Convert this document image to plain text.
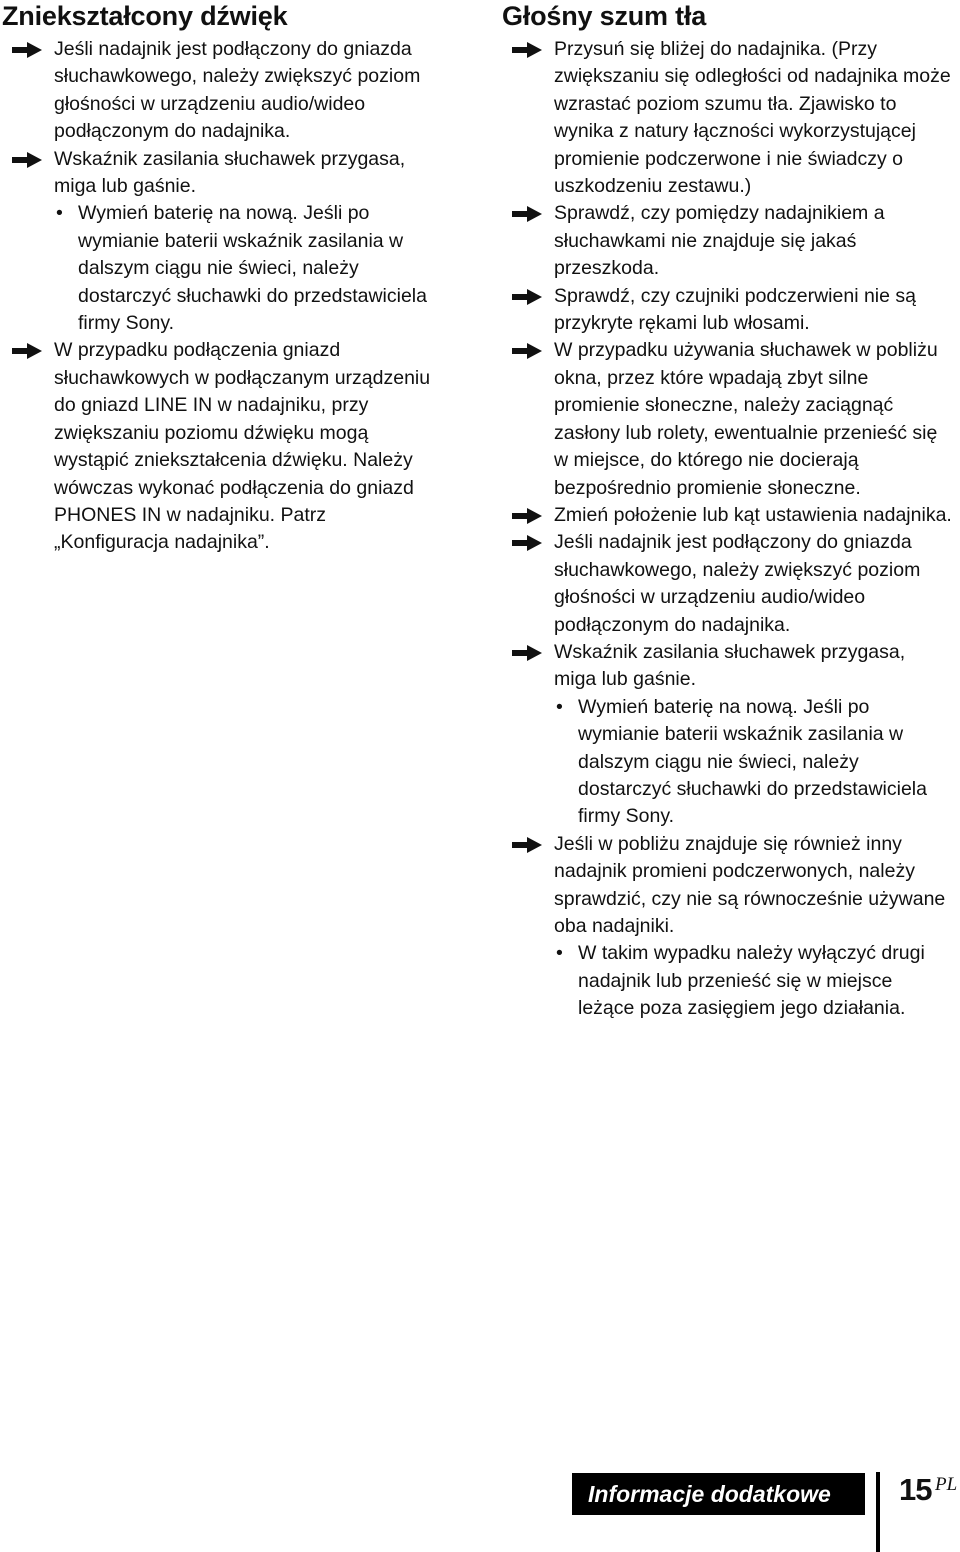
Zniekształcony dźwięk
Jeśli nadajnik jest podłączony do gniazda słuchawkowego, należy zwiększyć poziom głośności w urządzeniu audio/wideo podłączonym do nadajnika.
Wskaźnik zasilania słuchawek przygasa, miga lub gaśnie.
• Wymień baterię na nową. Jeśli po wymianie baterii wskaźnik zasilania w dalszym ciągu nie świeci, należy dostarczyć słuchawki do przedstawiciela firmy Sony.
W przypadku podłączenia gniazd słuchawkowych w podłączanym urządzeniu do gniazd LINE IN w nadajniku, przy zwiększaniu poziomu dźwięku mogą wystąpić zniekształcenia dźwięku. Należy wówczas wykonać podłączenia do gniazd PHONES IN w nadajniku. Patrz „Konfiguracja nadajnika”.
Głośny szum tła
Przysuń się bliżej do nadajnika. (Przy zwiększaniu się odległości od nadajnika może wzrastać poziom szumu tła. Zjawisko to wynika z natury łączności wykorzystującej promienie podczerwone i nie świadczy o uszkodzeniu zestawu.)
Sprawdź, czy pomiędzy nadajnikiem a słuchawkami nie znajduje się jakaś przeszkoda.
Sprawdź, czy czujniki podczerwieni nie są przykryte rękami lub włosami.
W przypadku używania słuchawek w pobliżu okna, przez które wpadają zbyt silne promienie słoneczne, należy zaciągnąć zasłony lub rolety, ewentualnie przenieść się w miejsce, do którego nie docierają bezpośrednio promienie słoneczne.
Zmień położenie lub kąt ustawienia nadajnika.
Jeśli nadajnik jest podłączony do gniazda słuchawkowego, należy zwiększyć poziom głośności w urządzeniu audio/wideo podłączonym do nadajnika.
Wskaźnik zasilania słuchawek przygasa, miga lub gaśnie.
• Wymień baterię na nową. Jeśli po wymianie baterii wskaźnik zasilania w dalszym ciągu nie świeci, należy dostarczyć słuchawki do przedstawiciela firmy Sony.
Jeśli w pobliżu znajduje się również inny nadajnik promieni podczerwonych, należy sprawdzić, czy nie są równocześnie używane oba nadajniki.
• W takim wypadku należy wyłączyć drugi nadajnik lub przenieść się w miejsce leżące poza zasięgiem jego działania.
Informacje dodatkowe	15 PL
